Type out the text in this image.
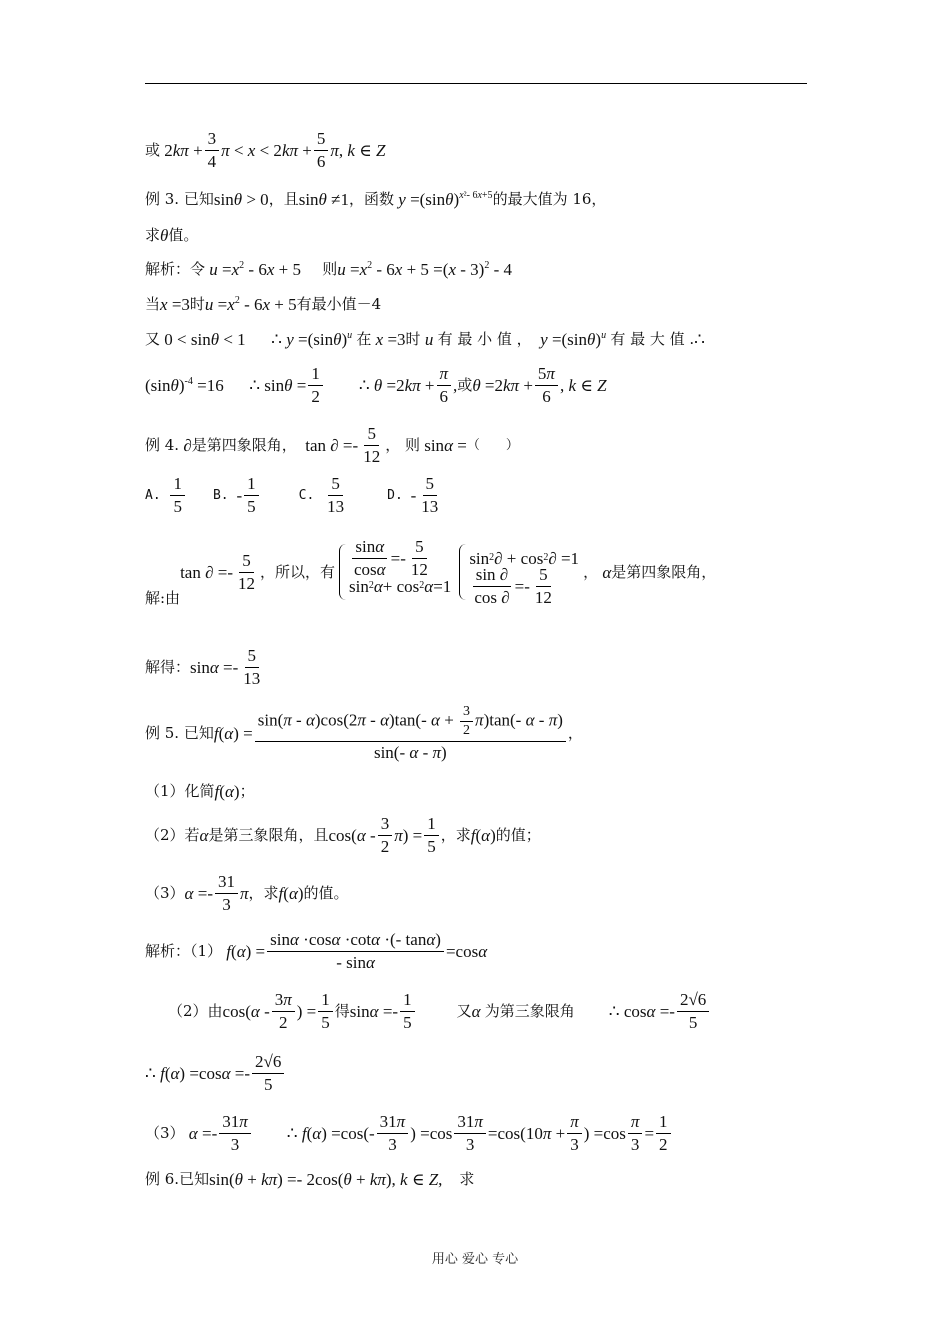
或 $2k\pi + \frac{3}{4}$ $\pi < x < 2k\pi + \frac{5}{6} \pi$, k ∈ Z
例 3.
已知 sinθ > 0 ，且 sinθ ≠1 ，函数 $y =(\sin\theta)^{x^2- 6x+5}$ 的最大值为 16，
求 θ 值。
解析：令 $u =x^2 - 6x + 5$ 则 $u =x^2 - 6x + 5 =(x - 3)^2 - 4$
当 x =3 时 $u =x^2 - 6x + 5$ 有最小值－4
又 0 < sinθ < 1      ∴ $y =(\sin\theta)^u$ 在 x =3 时 u 有 最 小 值 ， $y =(\sin\theta)^u$ 有 最 大 值 . ∴
$(\sin\theta)^{-4} =16$      ∴ $\sin\theta = \frac{1}{2}$ ∴ $\theta =2k\pi + \frac{\pi}{6}$ , 或 $\theta =2k\pi + \frac{5\pi}{6}$ , k ∈ Z
例 4. ∂ 是第四象限角， tan ∂ =- $\frac{5}{12}$ ， 则 sinα = （　　）
A.
$\frac{1}{5} B$.
- $\frac{1}{5}$	C.
$\frac{5}{13}$	D.
- $\frac{5}{13}$
解:由
tan ∂ =- $\frac{5}{12}$ ，所以，有 $\frac{\sin\alpha}{\cos\alpha} =- \frac{5}{12}$
sin 2 α + cos 2 α =1
sin 2 ∂ + cos 2 ∂ =1
$\frac{\sin \partial}{\cos \partial} =- \frac{5}{12}$ ， α 是第四象限角，
解得： $\sin\alpha =- \frac{5}{13}$
例 5.
已知 $f(\alpha) = \frac{\sin(\pi - \alpha)\cos(2\pi - \alpha)\tan(- \alpha + \frac{3}{2} \pi)\tan(- \alpha - \pi)}{\sin(- \alpha - \pi)}$ ，
（1）化简 f(α) ；
（2）若 α 是第三象限角，且 $\cos(\alpha - \frac{3}{2} \pi) = \frac{1}{5}$ ，求 f(α) 的值；
（3） $\alpha =- \frac{31}{3}$ π ，求 f(α) 的值。
解析：（1） $f(\alpha) = \frac{\sin\alpha \cdot\cos\alpha \cdot\cot\alpha \cdot(- \tan\alpha)}{- \sin\alpha} =\cos\alpha$
（2）由 $\cos(\alpha - \frac{3\pi}{2}$ ) = $\frac{1}{5}$ 得 $\sin\alpha =- \frac{1}{5}$	又 α 为第三象限角 ∴ $\cos\alpha =- \frac{2√6}{5}$
∴ $f(\alpha) =\cos\alpha =- \frac{2√6}{5}$
（3） $\alpha =- \frac{31\pi}{3}$ ∴ $f(\alpha) =\cos(- \frac{31\pi}{3}$ ) $=\cos \frac{31\pi}{3} =\cos(10\pi + \frac{\pi}{3}$ ) $=\cos \frac{\pi}{3} = \frac{1}{2}$
例 6. 已知 sin(θ + kπ) =- 2cos(θ + kπ), k ∈ Z, 求
用心 爱心 专心
